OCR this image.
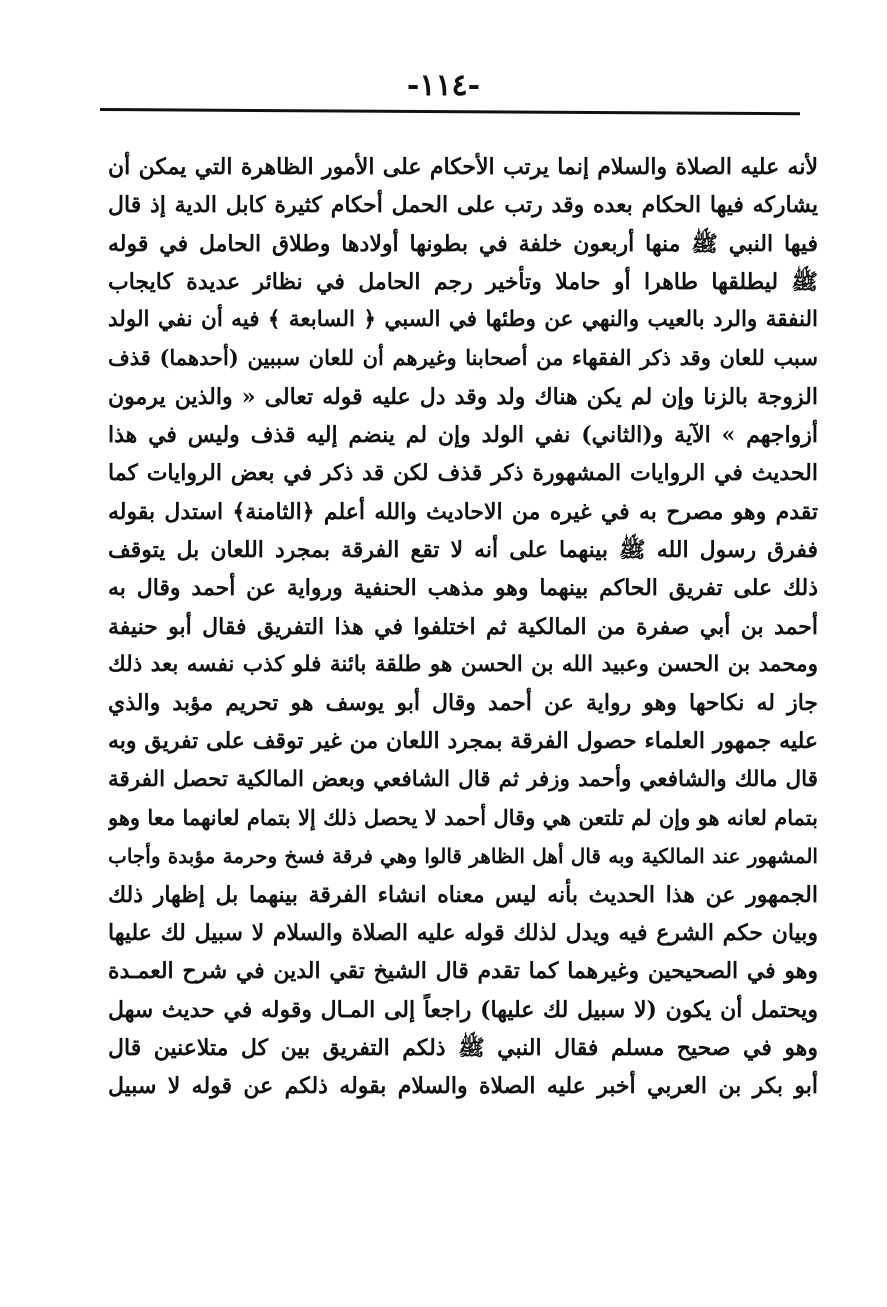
-١١٤-
لأنه عليه الصلاة والسلام إنما يرتب الأحكام على الأمور الظاهرة التي يمكن أن
يشاركه فيها الحكام بعده وقد رتب على الحمل أحكام كثيرة كابل الدية إذ قال
فيها النبي ﷺ منها أربعون خلفة في بطونها أولادها وطلاق الحامل في قوله
ﷺ ليطلقها طاهرا أو حاملا وتأخير رجم الحامل في نظائر عديدة كايجاب
النفقة والرد بالعيب والنهي عن وطئها في السبي ﴿ السابعة ﴾ فيه أن نفي الولد
سبب للعان وقد ذكر الفقهاء من أصحابنا وغيرهم أن للعان سببين (أحدهما) قذف
الزوجة بالزنا وإن لم يكن هناك ولد وقد دل عليه قوله تعالى « والذين يرمون
أزواجهم » الآية و(الثاني) نفي الولد وإن لم ينضم إليه قذف وليس في هذا
الحديث في الروايات المشهورة ذكر قذف لكن قد ذكر في بعض الروايات كما
تقدم وهو مصرح به في غيره من الاحاديث والله أعلم ﴿الثامنة﴾ استدل بقوله
ففرق رسول الله ﷺ بينهما على أنه لا تقع الفرقة بمجرد اللعان بل يتوقف
ذلك على تفريق الحاكم بينهما وهو مذهب الحنفية ورواية عن أحمد وقال به
أحمد بن أبي صفرة من المالكية ثم اختلفوا في هذا التفريق فقال أبو حنيفة
ومحمد بن الحسن وعبيد الله بن الحسن هو طلقة بائنة فلو كذب نفسه بعد ذلك
جاز له نكاحها وهو رواية عن أحمد وقال أبو يوسف هو تحريم مؤبد والذي
عليه جمهور العلماء حصول الفرقة بمجرد اللعان من غير توقف على تفريق وبه
قال مالك والشافعي وأحمد وزفر ثم قال الشافعي وبعض المالكية تحصل الفرقة
بتمام لعانه هو وإن لم تلتعن هي وقال أحمد لا يحصل ذلك إلا بتمام لعانهما معا وهو
المشهور عند المالكية وبه قال أهل الظاهر قالوا وهي فرقة فسخ وحرمة مؤبدة وأجاب
الجمهور عن هذا الحديث بأنه ليس معناه انشاء الفرقة بينهما بل إظهار ذلك
وبيان حكم الشرع فيه ويدل لذلك قوله عليه الصلاة والسلام لا سبيل لك عليها
وهو في الصحيحين وغيرهما كما تقدم قال الشيخ تقي الدين في شرح العمـدة
ويحتمل أن يكون (لا سبيل لك عليها) راجعاً إلى المـال وقوله في حديث سهل
وهو في صحيح مسلم فقال النبي ﷺ ذلكم التفريق بين كل متلاعنين قال
أبو بكر بن العربي أخبر عليه الصلاة والسلام بقوله ذلكم عن قوله لا سبيل
